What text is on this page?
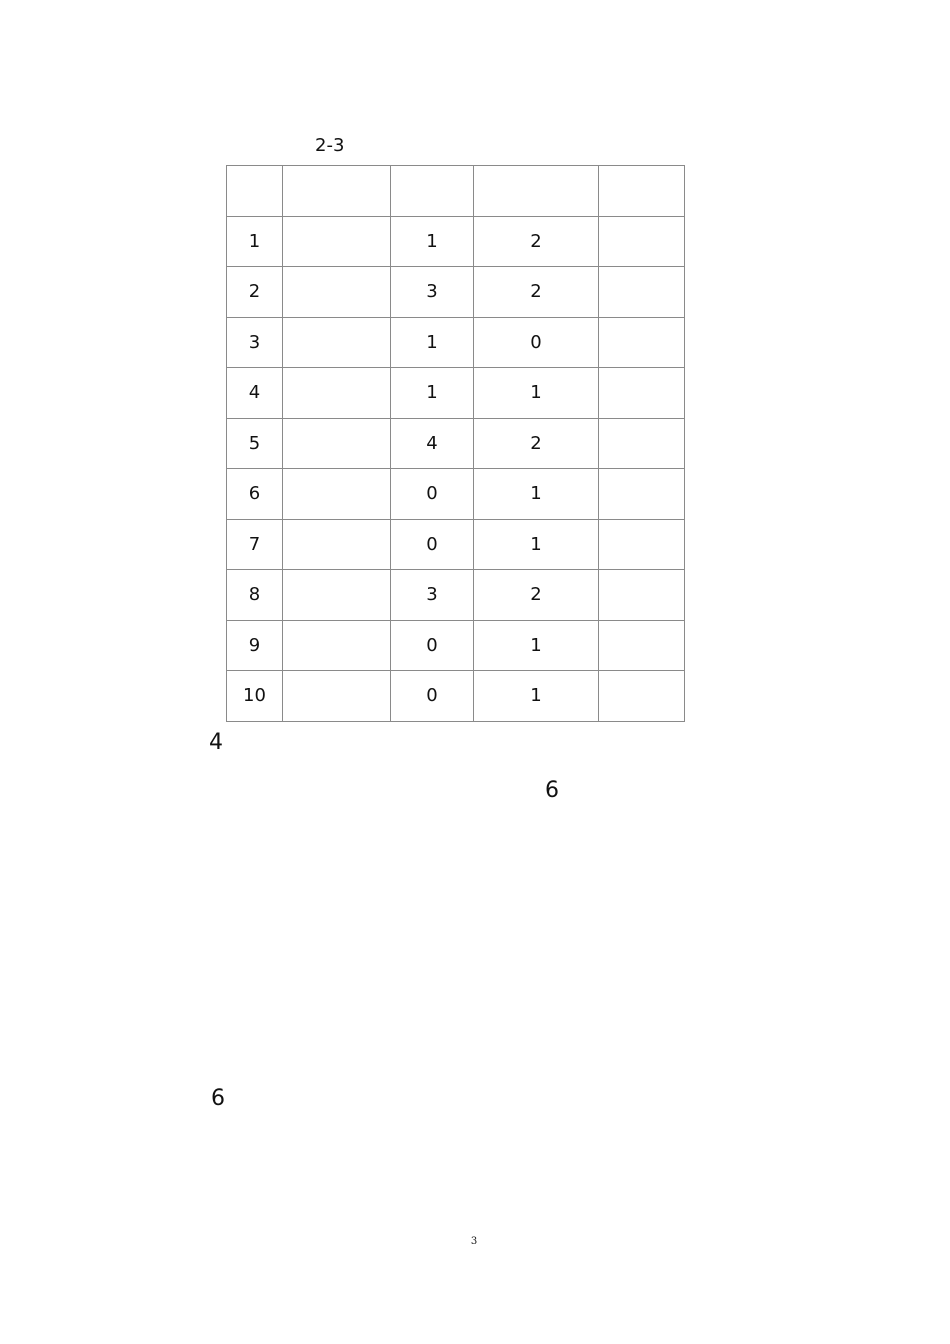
2-3

1		1	2	
2		3	2	
3		1	0	
4		1	1	
5		4	2	
6		0	1	
7		0	1	
8		3	2	
9		0	1	
10		0	1	
4
6
6
3
